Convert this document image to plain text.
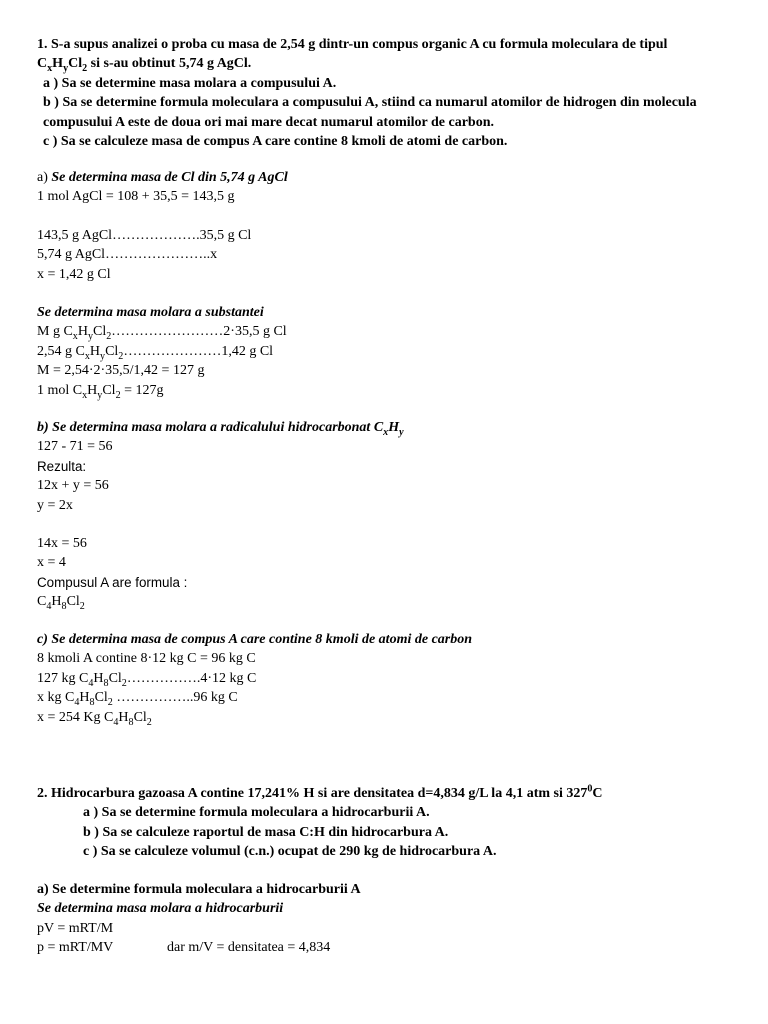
1. S-a supus analizei o proba cu masa de 2,54 g dintr-un compus organic A cu formula moleculara de tipul $C_xH_yCl_2$ si s-au obtinut 5,74 g AgCl.
a ) Sa se determine masa molara a compusului A.
b ) Sa se determine formula moleculara a compusului A, stiind ca numarul atomilor de hidrogen din molecula compusului A este de doua ori mai mare decat numarul atomilor de carbon.
c ) Sa se calculeze masa de compus A care contine 8 kmoli de atomi de carbon.
a) Se determina masa de Cl din 5,74 g AgCl
1 mol AgCl = 108 + 35,5 = 143,5 g
143,5 g AgCl……………….35,5 g Cl
5,74 g AgCl…………………..x
x = 1,42 g Cl
Se determina masa molara a substantei
M g $C_xH_yCl_2\dots\dots\dots\dots\dots\dots\dots\dots 2\cdot 35,5$ g Cl
2,54 g $C_xH_yCl_2\dots\dots\dots\dots\dots\dots\dots 1,42$ g Cl
M = 2,54·2·35,5/1,42 = 127 g
1 mol $C_xH_yCl_2 = 127g$
b) Se determina masa molara a radicalului hidrocarbonat $C_xH_y$
127 - 71 = 56
Rezulta:
12x + y = 56
y = 2x
14x = 56
x = 4
Compusul A are formula :
$C_4H_8Cl_2$
c) Se determina masa de compus A care contine 8 kmoli de atomi de carbon
8 kmoli A contine 8·12 kg C = 96 kg C
127 kg $C_4H_8Cl_2\dots\dots\dots\dots\dots.4\cdot 12$ kg C
x kg $C_4H_8Cl_2$ ……………..96 kg C
x = 254 Kg $C_4H_8Cl_2$
2. Hidrocarbura gazoasa A contine 17,241% H si are densitatea d=4,834 g/L la 4,1 atm si $327^0C$
a ) Sa se determine formula moleculara a hidrocarburii A.
b ) Sa se calculeze raportul de masa C:H din hidrocarbura A.
c ) Sa se calculeze volumul (c.n.) ocupat de 290 kg de hidrocarbura A.
a) Se determine formula moleculara a hidrocarburii A
Se determina masa molara a hidrocarburii
pV = mRT/M
p = mRT/MV	dar m/V = densitatea = 4,834
